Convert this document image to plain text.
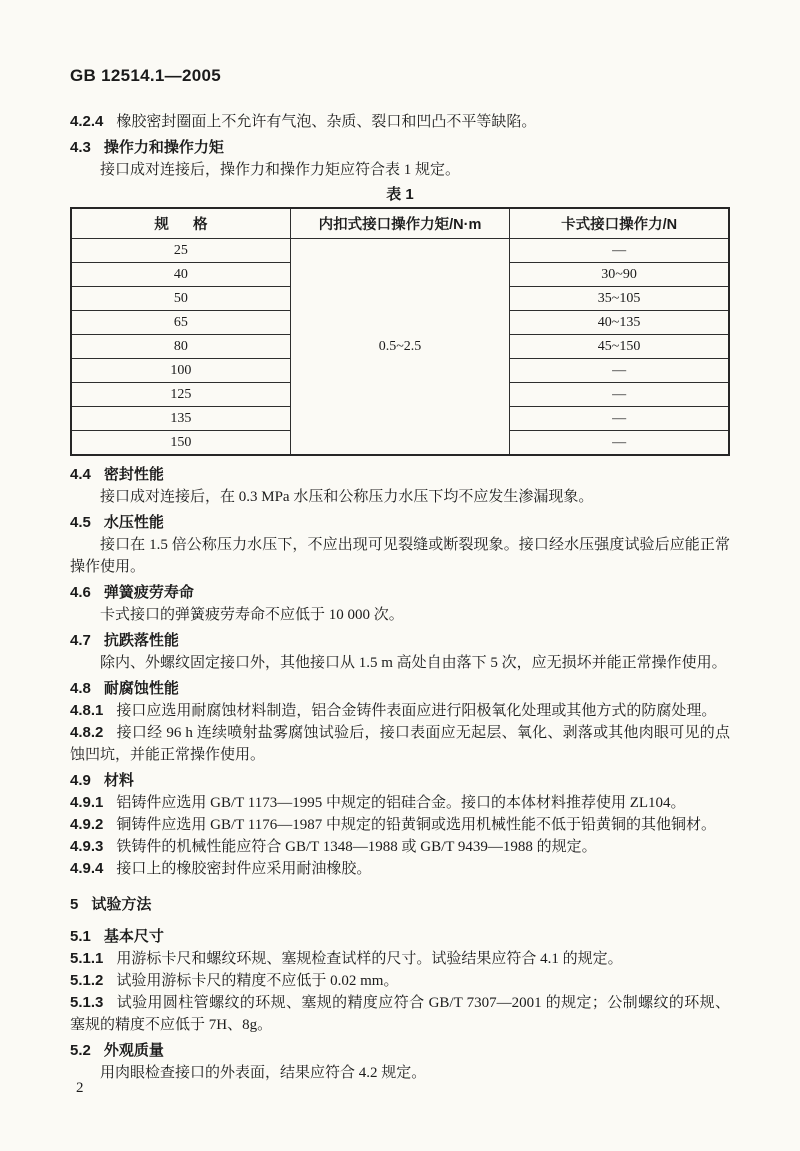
GB 12514.1—2005

4.2.4 橡胶密封圈面上不允许有气泡、杂质、裂口和凹凸不平等缺陷。

4.3 操作力和操作力矩

接口成对连接后，操作力和操作力矩应符合表 1 规定。

表 1
规      格	内扣式接口操作力矩/N·m	卡式接口操作力/N
25	0.5~2.5	—
40		30~90
50		35~105
65		40~135
80		45~150
100		—
125		—
135		—
150		—

4.4 密封性能

接口成对连接后，在 0.3 MPa 水压和公称压力水压下均不应发生渗漏现象。

4.5 水压性能

接口在 1.5 倍公称压力水压下，不应出现可见裂缝或断裂现象。接口经水压强度试验后应能正常操作使用。

4.6 弹簧疲劳寿命

卡式接口的弹簧疲劳寿命不应低于 10 000 次。

4.7 抗跌落性能

除内、外螺纹固定接口外，其他接口从 1.5 m 高处自由落下 5 次，应无损坏并能正常操作使用。

4.8 耐腐蚀性能

4.8.1 接口应选用耐腐蚀材料制造，铝合金铸件表面应进行阳极氧化处理或其他方式的防腐处理。

4.8.2 接口经 96 h 连续喷射盐雾腐蚀试验后，接口表面应无起层、氧化、剥落或其他肉眼可见的点蚀凹坑，并能正常操作使用。

4.9 材料

4.9.1 铝铸件应选用 GB/T 1173—1995 中规定的铝硅合金。接口的本体材料推荐使用 ZL104。

4.9.2 铜铸件应选用 GB/T 1176—1987 中规定的铅黄铜或选用机械性能不低于铅黄铜的其他铜材。

4.9.3 铁铸件的机械性能应符合 GB/T 1348—1988 或 GB/T 9439—1988 的规定。

4.9.4 接口上的橡胶密封件应采用耐油橡胶。

5 试验方法

5.1 基本尺寸

5.1.1 用游标卡尺和螺纹环规、塞规检查试样的尺寸。试验结果应符合 4.1 的规定。

5.1.2 试验用游标卡尺的精度不应低于 0.02 mm。

5.1.3 试验用圆柱管螺纹的环规、塞规的精度应符合 GB/T 7307—2001 的规定；公制螺纹的环规、塞规的精度不应低于 7H、8g。

5.2 外观质量

用肉眼检查接口的外表面，结果应符合 4.2 规定。

2
